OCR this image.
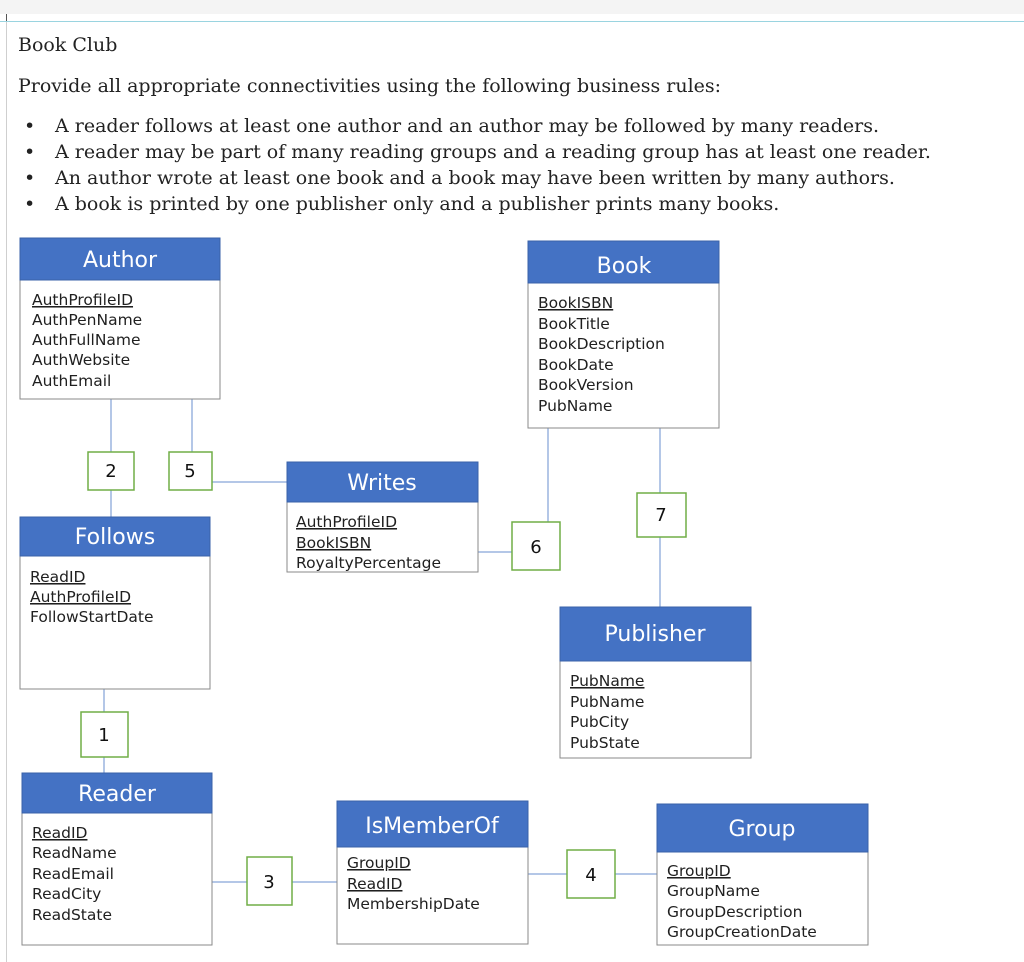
Book Club
Provide all appropriate connectivities using the following business rules:
• A reader follows at least one author and an author may be followed by many readers.
• A reader may be part of many reading groups and a reading group has at least one reader.
• An author wrote at least one book and a book may have been written by many authors.
• A book is printed by one publisher only and a publisher prints many books.
Author
AuthProfileID
AuthPenName
AuthFullName
AuthWebsite
AuthEmail
Book
BookISBN
BookTitle
BookDescription
BookDate
BookVersion
PubName
Writes
AuthProfileID
BookISBN
RoyaltyPercentage
Follows
ReadID
AuthProfileID
FollowStartDate
Publisher
PubName
PubName
PubCity
PubState
Reader
ReadID
ReadName
ReadEmail
ReadCity
ReadState
IsMemberOf
GroupID
ReadID
MembershipDate
Group
GroupID
GroupName
GroupDescription
GroupCreationDate
2	5
6
7
1
3	4
